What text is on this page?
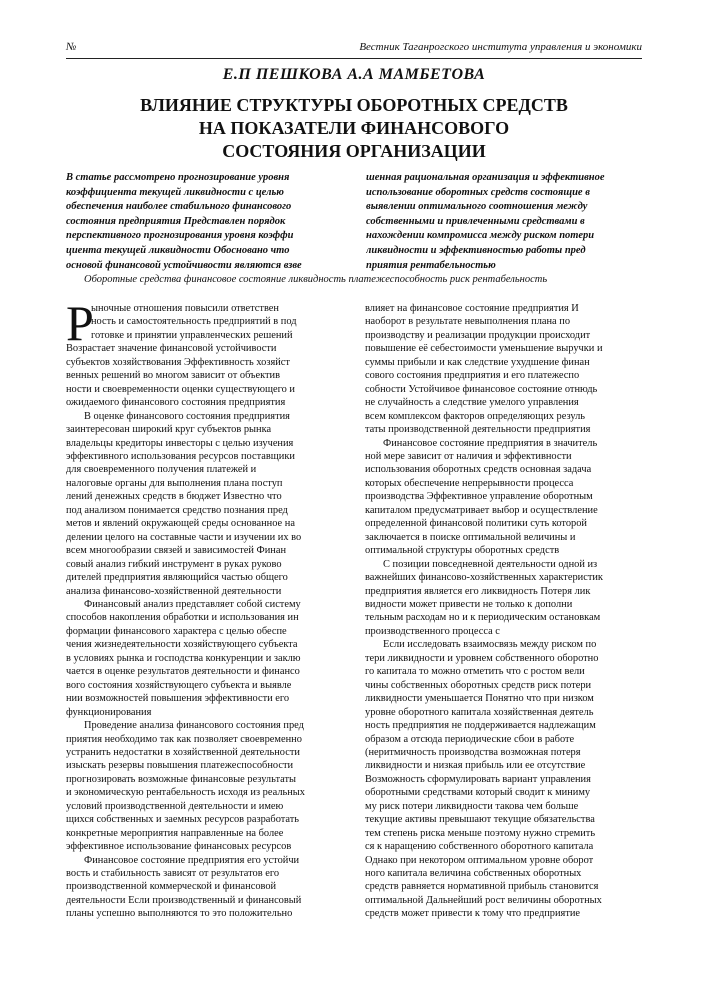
№	Вестник Таганрогского института управления и экономики
Е.П ПЕШКОВА А.А МАМБЕТОВА
ВЛИЯНИЕ СТРУКТУРЫ ОБОРОТНЫХ СРЕДСТВ
НА ПОКАЗАТЕЛИ ФИНАНСОВОГО
СОСТОЯНИЯ ОРГАНИЗАЦИИ
В статье рассмотрено прогнозирование уровня
коэффициента текущей ликвидности с целью
обеспечения наиболее стабильного финансового
состояния предприятия Представлен порядок
перспективного прогнозирования уровня коэффи
циента текущей ликвидности Обосновано что
основой финансовой устойчивости являются взве
шенная рациональная организация и эффективное
использование оборотных средств состоящие в
выявлении оптимального соотношения между
собственными и привлеченными средствами в
нахождении компромисса между риском потери
ликвидности и эффективностью работы пред
приятия рентабельностью
Оборотные средства финансовое состояние ликвидность платежеспособность риск рентабельность
Р
ыночные отношения повысили ответствен
ность и самостоятельность предприятий в под
готовке и принятии управленческих решений
Возрастает значение финансовой устойчивости
субъектов хозяйствования Эффективность хозяйст
венных решений во многом зависит от объектив
ности и своевременности оценки существующего и
ожидаемого финансового состояния предприятия
В оценке финансового состояния предприятия
заинтересован широкий круг субъектов рынка
владельцы кредиторы инвесторы с целью изучения
эффективного использования ресурсов поставщики
для своевременного получения платежей и
налоговые органы для выполнения плана поступ
лений денежных средств в бюджет Известно что
под анализом понимается средство познания пред
метов и явлений окружающей среды основанное на
делении целого на составные части и изучении их во
всем многообразии связей и зависимостей Финан
совый анализ гибкий инструмент в руках руково
дителей предприятия являющийся частью общего
анализа финансово-хозяйственной деятельности
Финансовый анализ представляет собой систему
способов накопления обработки и использования ин
формации финансового характера с целью обеспе
чения жизнедеятельности хозяйствующего субъекта
в условиях рынка и господства конкуренции и заклю
чается в оценке результатов деятельности и финансо
вого состояния хозяйствующего субъекта и выявле
нии возможностей повышения эффективности его
функционирования
Проведение анализа финансового состояния пред
приятия необходимо так как позволяет своевременно
устранить недостатки в хозяйственной деятельности
изыскать резервы повышения платежеспособности
прогнозировать возможные финансовые результаты
и экономическую рентабельность исходя из реальных
условий производственной деятельности и имею
щихся собственных и заемных ресурсов разработать
конкретные мероприятия направленные на более
эффективное использование финансовых ресурсов
Финансовое состояние предприятия его устойчи
вость и стабильность зависят от результатов его
производственной коммерческой и финансовой
деятельности Если производственный и финансовый
планы успешно выполняются то это положительно
влияет на финансовое состояние предприятия И
наоборот в результате невыполнения плана по
производству и реализации продукции происходит
повышение её себестоимости уменьшение выручки и
суммы прибыли и как следствие ухудшение финан
сового состояния предприятия и его платежеспо
собности Устойчивое финансовое состояние отнюдь
не случайность а следствие умелого управления
всем комплексом факторов определяющих резуль
таты производственной деятельности предприятия
Финансовое состояние предприятия в значитель
ной мере зависит от наличия и эффективности
использования оборотных средств основная задача
которых обеспечение непрерывности процесса
производства Эффективное управление оборотным
капиталом предусматривает выбор и осуществление
определенной финансовой политики суть которой
заключается в поиске оптимальной величины и
оптимальной структуры оборотных средств
С позиции повседневной деятельности одной из
важнейших финансово-хозяйственных характеристик
предприятия является его ликвидность Потеря лик
видности может привести не только к дополни
тельным расходам но и к периодическим остановкам
производственного процесса с
Если исследовать взаимосвязь между риском по
тери ликвидности и уровнем собственного оборотно
го капитала то можно отметить что с ростом вели
чины собственных оборотных средств риск потери
ликвидности уменьшается Понятно что при низком
уровне оборотного капитала хозяйственная деятель
ность предприятия не поддерживается надлежащим
образом а отсюда периодические сбои в работе
(неритмичность производства возможная потеря
ликвидности и низкая прибыль или ее отсутствие
Возможность сформулировать вариант управления
оборотными средствами который сводит к миниму
му риск потери ликвидности такова чем больше
текущие активы превышают текущие обязательства
тем степень риска меньше поэтому нужно стремить
ся к наращению собственного оборотного капитала
Однако при некотором оптимальном уровне оборот
ного капитала величина собственных оборотных
средств равняется нормативной прибыль становится
оптимальной Дальнейший рост величины оборотных
средств может привести к тому что предприятие
